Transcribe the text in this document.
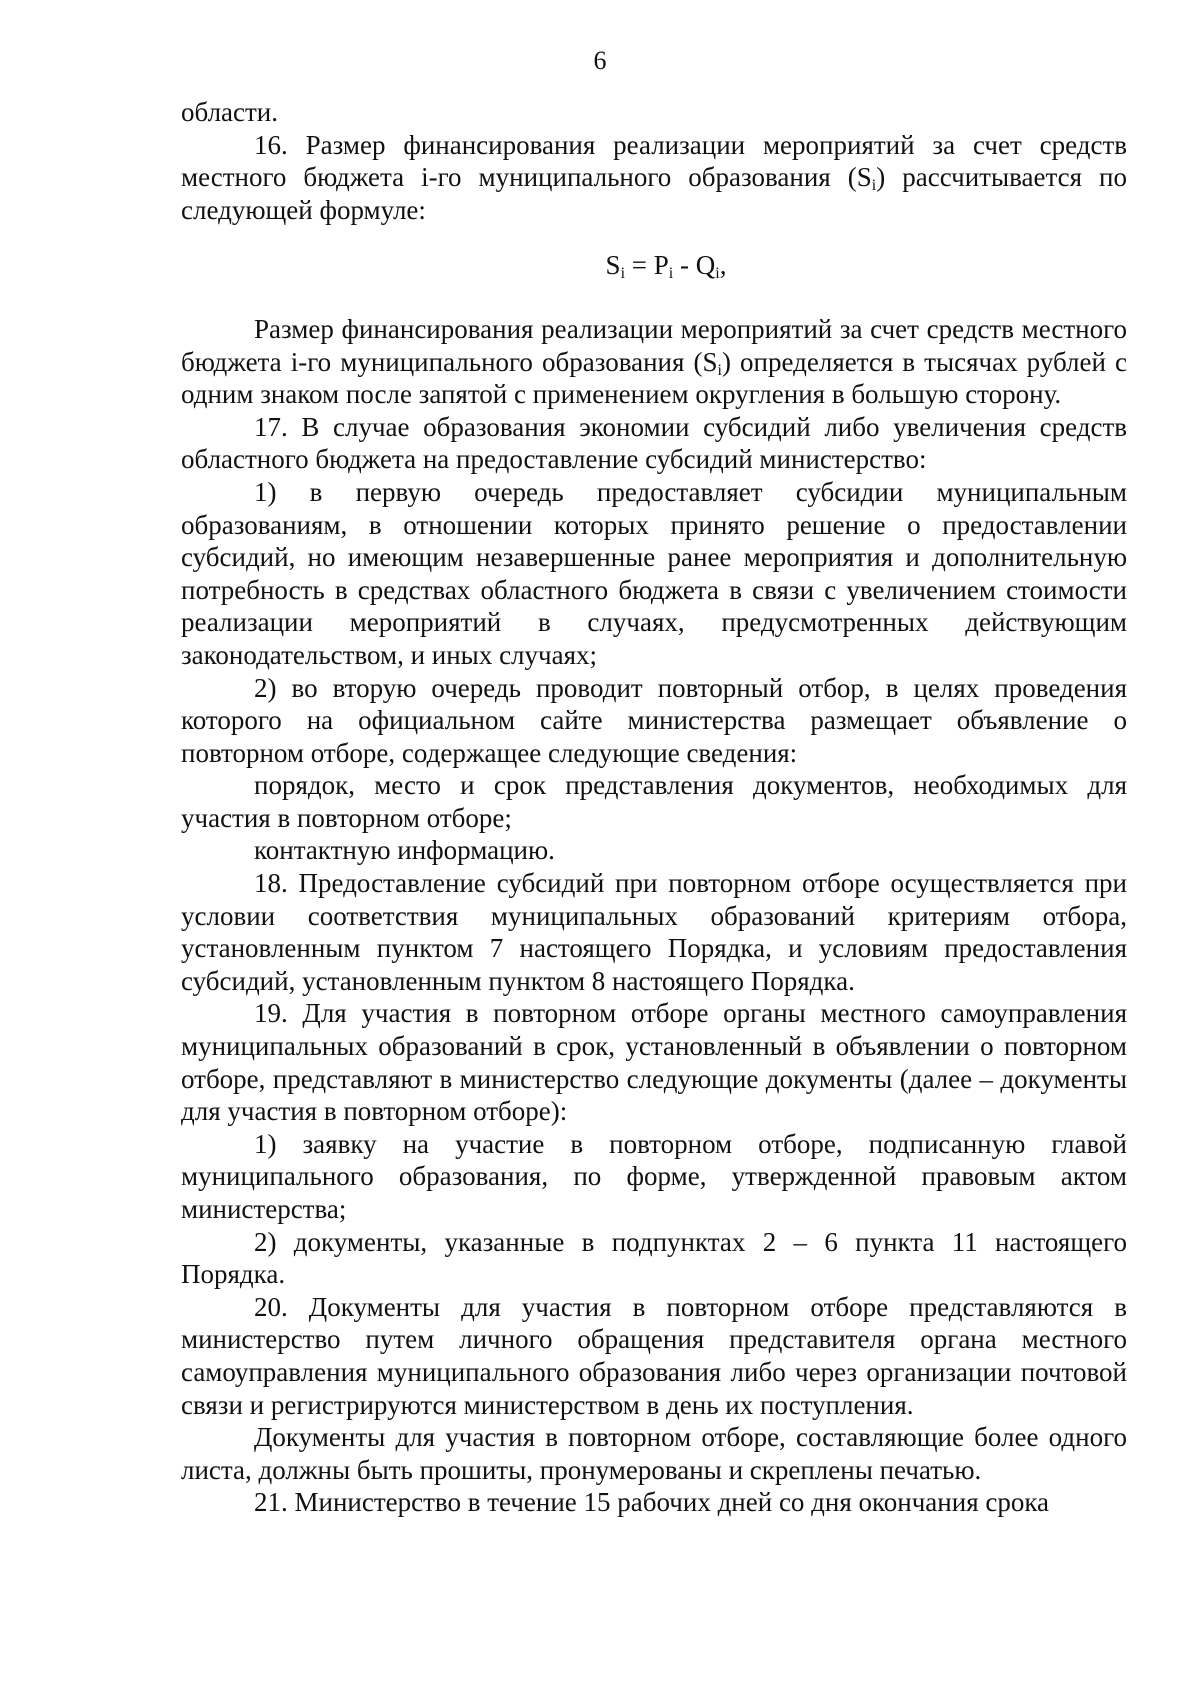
6

области.

16. Размер финансирования реализации мероприятий за счет средств местного бюджета i-го муниципального образования $(S_i)$ рассчитывается по следующей формуле:

$S_i = P_i - Q_i$,

Размер финансирования реализации мероприятий за счет средств местного бюджета i-го муниципального образования $(S_i)$ определяется в тысячах рублей с одним знаком после запятой с применением округления в большую сторону.

17. В случае образования экономии субсидий либо увеличения средств областного бюджета на предоставление субсидий министерство:

1) в первую очередь предоставляет субсидии муниципальным образованиям, в отношении которых принято решение о предоставлении субсидий, но имеющим незавершенные ранее мероприятия и дополнительную потребность в средствах областного бюджета в связи с увеличением стоимости реализации мероприятий в случаях, предусмотренных действующим законодательством, и иных случаях;

2) во вторую очередь проводит повторный отбор, в целях проведения которого на официальном сайте министерства размещает объявление о повторном отборе, содержащее следующие сведения:

порядок, место и срок представления документов, необходимых для участия в повторном отборе;

контактную информацию.

18. Предоставление субсидий при повторном отборе осуществляется при условии соответствия муниципальных образований критериям отбора, установленным пунктом 7 настоящего Порядка, и условиям предоставления субсидий, установленным пунктом 8 настоящего Порядка.

19. Для участия в повторном отборе органы местного самоуправления муниципальных образований в срок, установленный в объявлении о повторном отборе, представляют в министерство следующие документы (далее – документы для участия в повторном отборе):

1) заявку на участие в повторном отборе, подписанную главой муниципального образования, по форме, утвержденной правовым актом министерства;

2) документы, указанные в подпунктах 2 – 6 пункта 11 настоящего Порядка.

20. Документы для участия в повторном отборе представляются в министерство путем личного обращения представителя органа местного самоуправления муниципального образования либо через организации почтовой связи и регистрируются министерством в день их поступления.

Документы для участия в повторном отборе, составляющие более одного листа, должны быть прошиты, пронумерованы и скреплены печатью.

21. Министерство в течение 15 рабочих дней со дня окончания срока
